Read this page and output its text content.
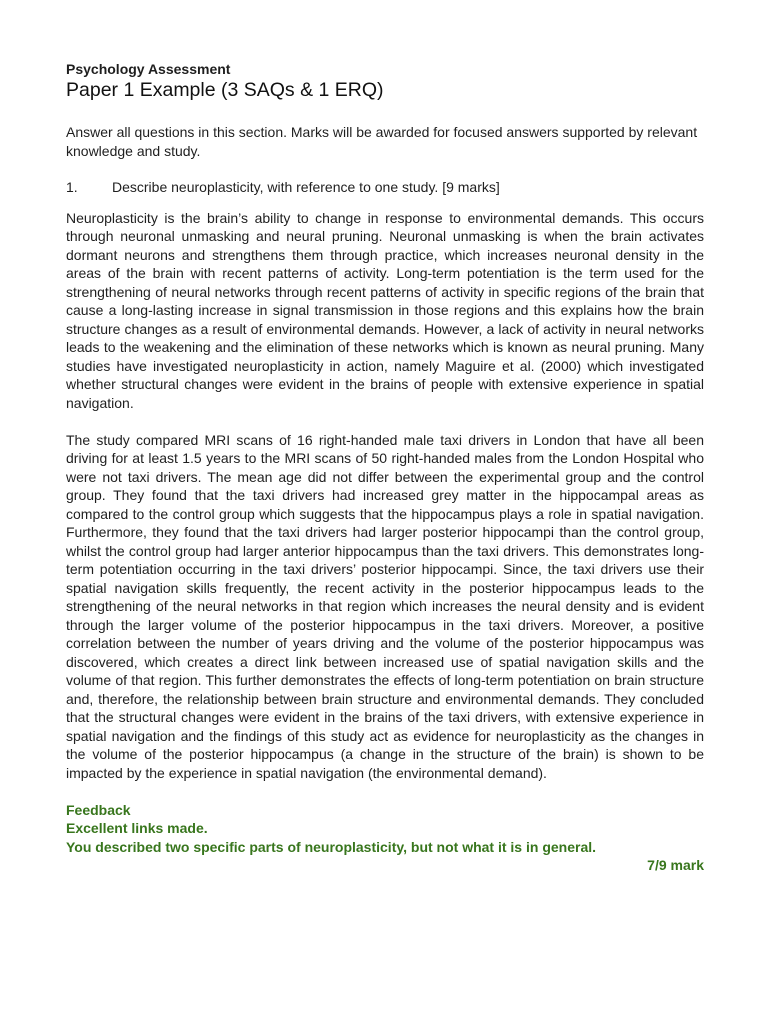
Psychology Assessment

Paper 1 Example (3 SAQs & 1 ERQ)

Answer all questions in this section. Marks will be awarded for focused answers supported by relevant knowledge and study.

1.	Describe neuroplasticity, with reference to one study. [9 marks]

Neuroplasticity is the brain’s ability to change in response to environmental demands. This occurs through neuronal unmasking and neural pruning. Neuronal unmasking is when the brain activates dormant neurons and strengthens them through practice, which increases neuronal density in the areas of the brain with recent patterns of activity. Long-term potentiation is the term used for the strengthening of neural networks through recent patterns of activity in specific regions of the brain that cause a long-lasting increase in signal transmission in those regions and this explains how the brain structure changes as a result of environmental demands. However, a lack of activity in neural networks leads to the weakening and the elimination of these networks which is known as neural pruning. Many studies have investigated neuroplasticity in action, namely Maguire et al. (2000) which investigated whether structural changes were evident in the brains of people with extensive experience in spatial navigation.

The study compared MRI scans of 16 right-handed male taxi drivers in London that have all been driving for at least 1.5 years to the MRI scans of 50 right-handed males from the London Hospital who were not taxi drivers. The mean age did not differ between the experimental group and the control group. They found that the taxi drivers had increased grey matter in the hippocampal areas as compared to the control group which suggests that the hippocampus plays a role in spatial navigation. Furthermore, they found that the taxi drivers had larger posterior hippocampi than the control group, whilst the control group had larger anterior hippocampus than the taxi drivers. This demonstrates long-term potentiation occurring in the taxi drivers’ posterior hippocampi. Since, the taxi drivers use their spatial navigation skills frequently, the recent activity in the posterior hippocampus leads to the strengthening of the neural networks in that region which increases the neural density and is evident through the larger volume of the posterior hippocampus in the taxi drivers. Moreover, a positive correlation between the number of years driving and the volume of the posterior hippocampus was discovered, which creates a direct link between increased use of spatial navigation skills and the volume of that region. This further demonstrates the effects of long-term potentiation on brain structure and, therefore, the relationship between brain structure and environmental demands. They concluded that the structural changes were evident in the brains of the taxi drivers, with extensive experience in spatial navigation and the findings of this study act as evidence for neuroplasticity as the changes in the volume of the posterior hippocampus (a change in the structure of the brain) is shown to be impacted by the experience in spatial navigation (the environmental demand).

Feedback
Excellent links made.
You described two specific parts of neuroplasticity, but not what it is in general.
7/9 mark
